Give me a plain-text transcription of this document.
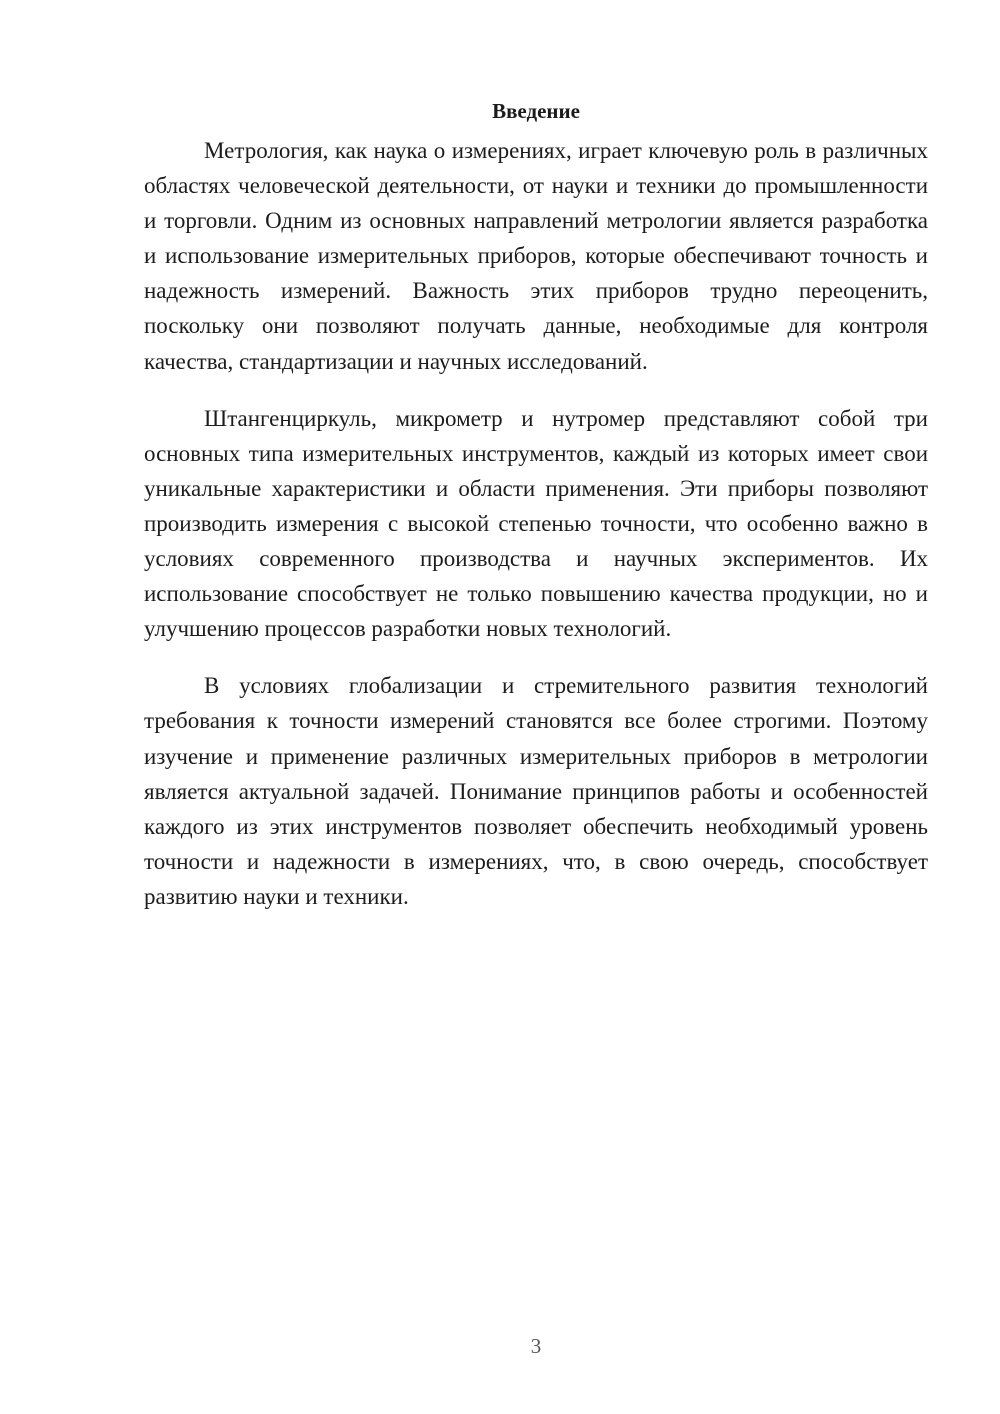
Введение

Метрология, как наука о измерениях, играет ключевую роль в различных областях человеческой деятельности, от науки и техники до промышленности и торговли. Одним из основных направлений метрологии является разработка и использование измерительных приборов, которые обеспечивают точность и надежность измерений. Важность этих приборов трудно переоценить, поскольку они позволяют получать данные, необходимые для контроля качества, стандартизации и научных исследований.

Штангенциркуль, микрометр и нутромер представляют собой три основных типа измерительных инструментов, каждый из которых имеет свои уникальные характеристики и области применения. Эти приборы позволяют производить измерения с высокой степенью точности, что особенно важно в условиях современного производства и научных экспериментов. Их использование способствует не только повышению качества продукции, но и улучшению процессов разработки новых технологий.

В условиях глобализации и стремительного развития технологий требования к точности измерений становятся все более строгими. Поэтому изучение и применение различных измерительных приборов в метрологии является актуальной задачей. Понимание принципов работы и особенностей каждого из этих инструментов позволяет обеспечить необходимый уровень точности и надежности в измерениях, что, в свою очередь, способствует развитию науки и техники.

3
